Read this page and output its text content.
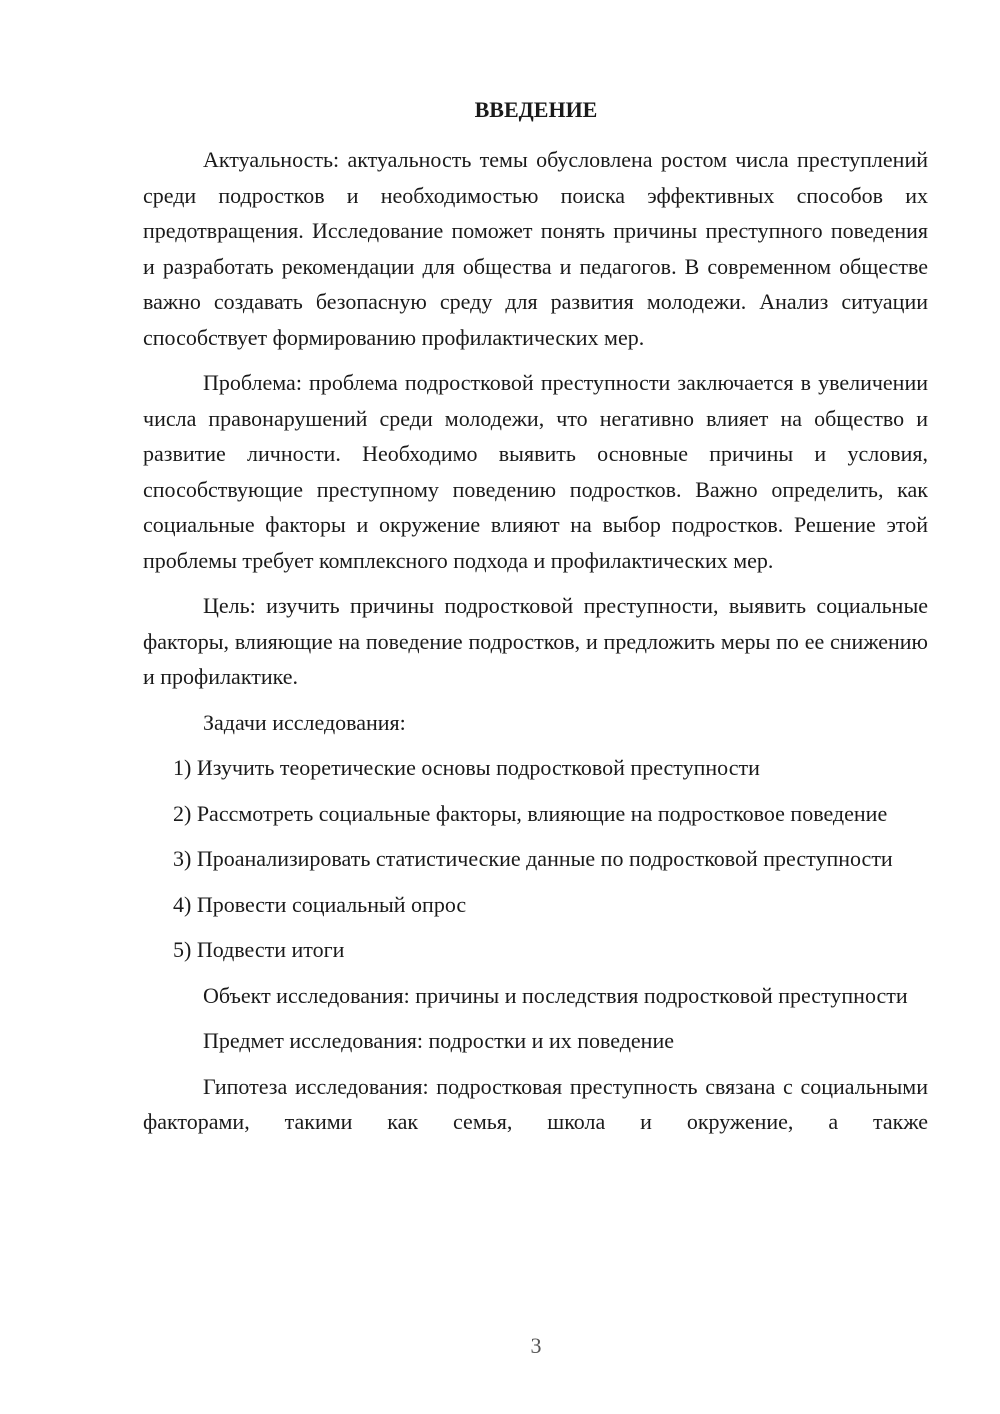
ВВЕДЕНИЕ

Актуальность: актуальность темы обусловлена ростом числа преступлений среди подростков и необходимостью поиска эффективных способов их предотвращения. Исследование поможет понять причины преступного поведения и разработать рекомендации для общества и педагогов. В современном обществе важно создавать безопасную среду для развития молодежи. Анализ ситуации способствует формированию профилактических мер.

Проблема: проблема подростковой преступности заключается в увеличении числа правонарушений среди молодежи, что негативно влияет на общество и развитие личности. Необходимо выявить основные причины и условия, способствующие преступному поведению подростков. Важно определить, как социальные факторы и окружение влияют на выбор подростков. Решение этой проблемы требует комплексного подхода и профилактических мер.

Цель: изучить причины подростковой преступности, выявить социальные факторы, влияющие на поведение подростков, и предложить меры по ее снижению и профилактике.

Задачи исследования:

1) Изучить теоретические основы подростковой преступности

2) Рассмотреть социальные факторы, влияющие на подростковое поведение

3) Проанализировать статистические данные по подростковой преступности

4) Провести социальный опрос

5) Подвести итоги

Объект исследования: причины и последствия подростковой преступности

Предмет исследования: подростки и их поведение

Гипотеза исследования: подростковая преступность связана с социальными факторами, такими как семья, школа и окружение, а также

3
